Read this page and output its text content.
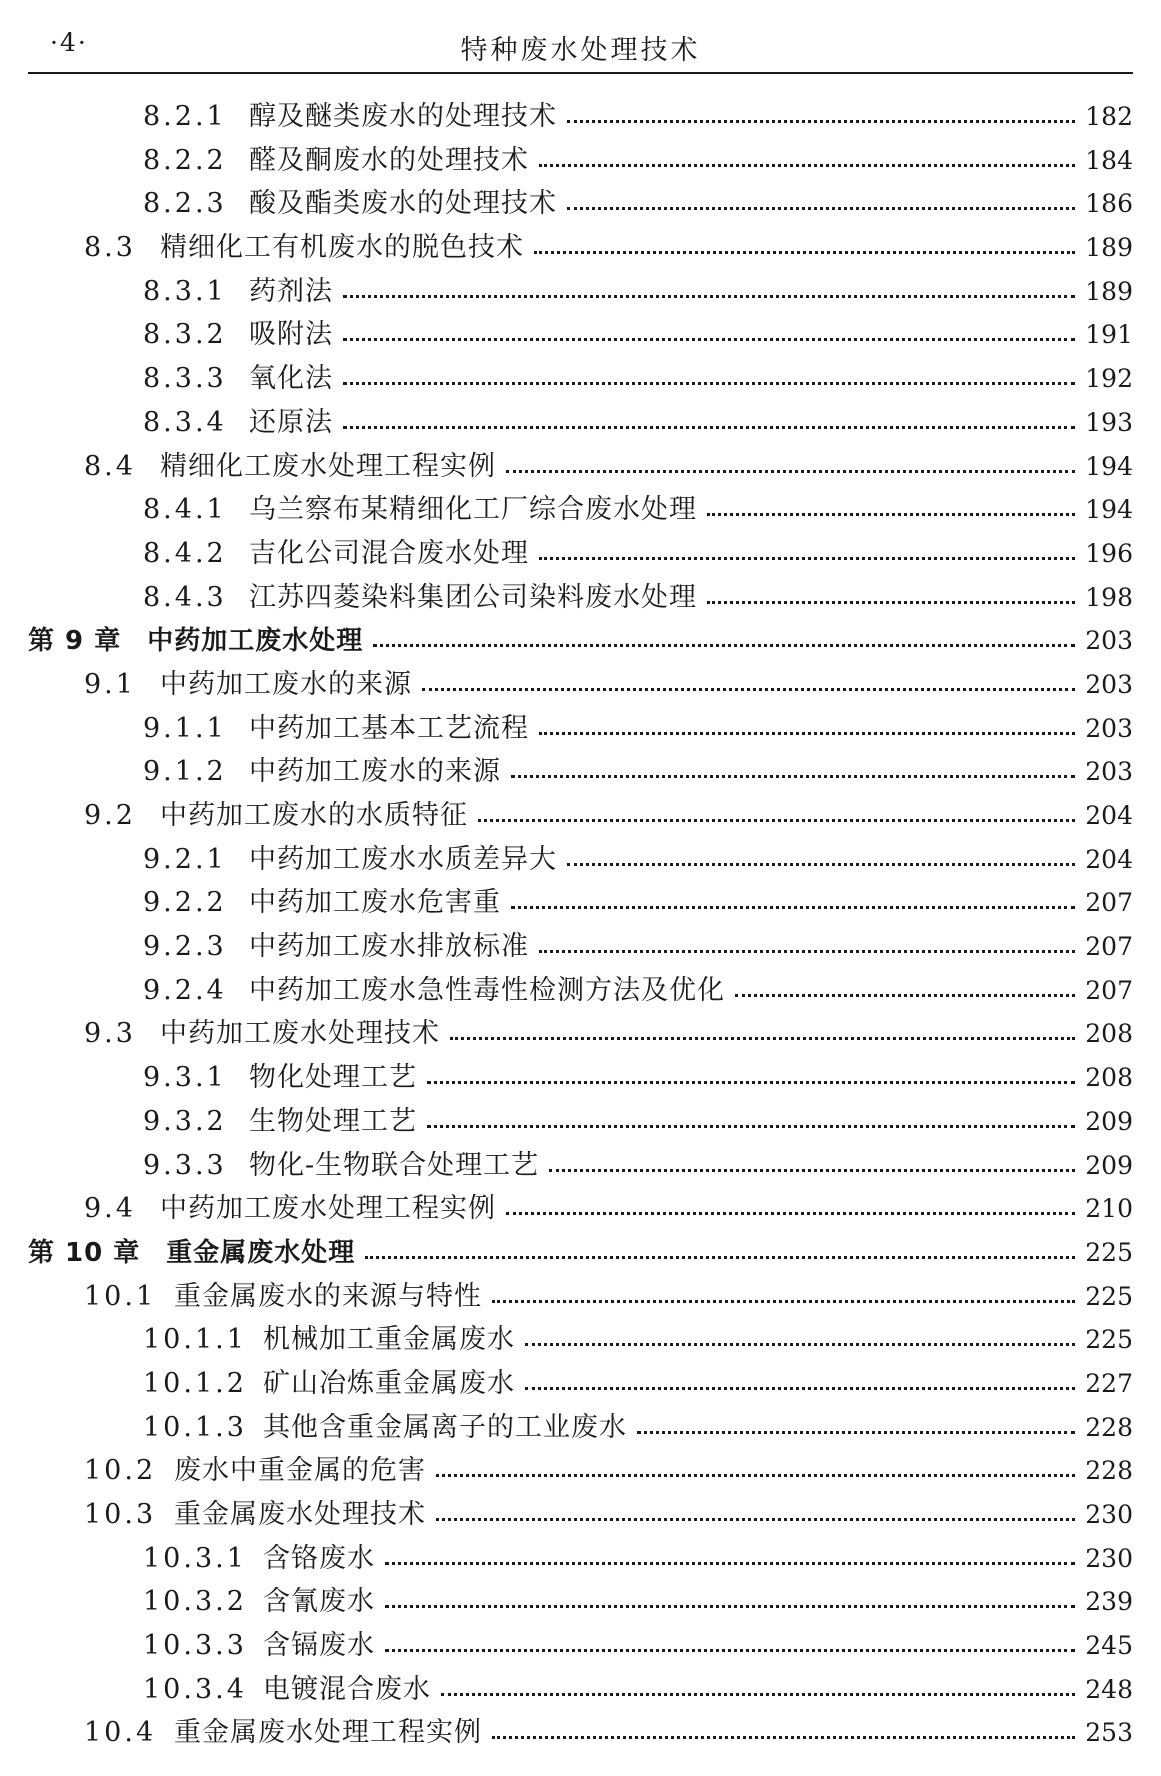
·4·	特种废水处理技术
8.2.1 醇及醚类废水的处理技术	182
8.2.2 醛及酮废水的处理技术	184
8.2.3 酸及酯类废水的处理技术	186
8.3 精细化工有机废水的脱色技术	189
8.3.1 药剂法	189
8.3.2 吸附法	191
8.3.3 氧化法	192
8.3.4 还原法	193
8.4 精细化工废水处理工程实例	194
8.4.1 乌兰察布某精细化工厂综合废水处理	194
8.4.2 吉化公司混合废水处理	196
8.4.3 江苏四菱染料集团公司染料废水处理	198
第 9 章 中药加工废水处理	203
9.1 中药加工废水的来源	203
9.1.1 中药加工基本工艺流程	203
9.1.2 中药加工废水的来源	203
9.2 中药加工废水的水质特征	204
9.2.1 中药加工废水水质差异大	204
9.2.2 中药加工废水危害重	207
9.2.3 中药加工废水排放标准	207
9.2.4 中药加工废水急性毒性检测方法及优化	207
9.3 中药加工废水处理技术	208
9.3.1 物化处理工艺	208
9.3.2 生物处理工艺	209
9.3.3 物化-生物联合处理工艺	209
9.4 中药加工废水处理工程实例	210
第 10 章 重金属废水处理	225
10.1 重金属废水的来源与特性	225
10.1.1 机械加工重金属废水	225
10.1.2 矿山冶炼重金属废水	227
10.1.3 其他含重金属离子的工业废水	228
10.2 废水中重金属的危害	228
10.3 重金属废水处理技术	230
10.3.1 含铬废水	230
10.3.2 含氰废水	239
10.3.3 含镉废水	245
10.3.4 电镀混合废水	248
10.4 重金属废水处理工程实例	253
